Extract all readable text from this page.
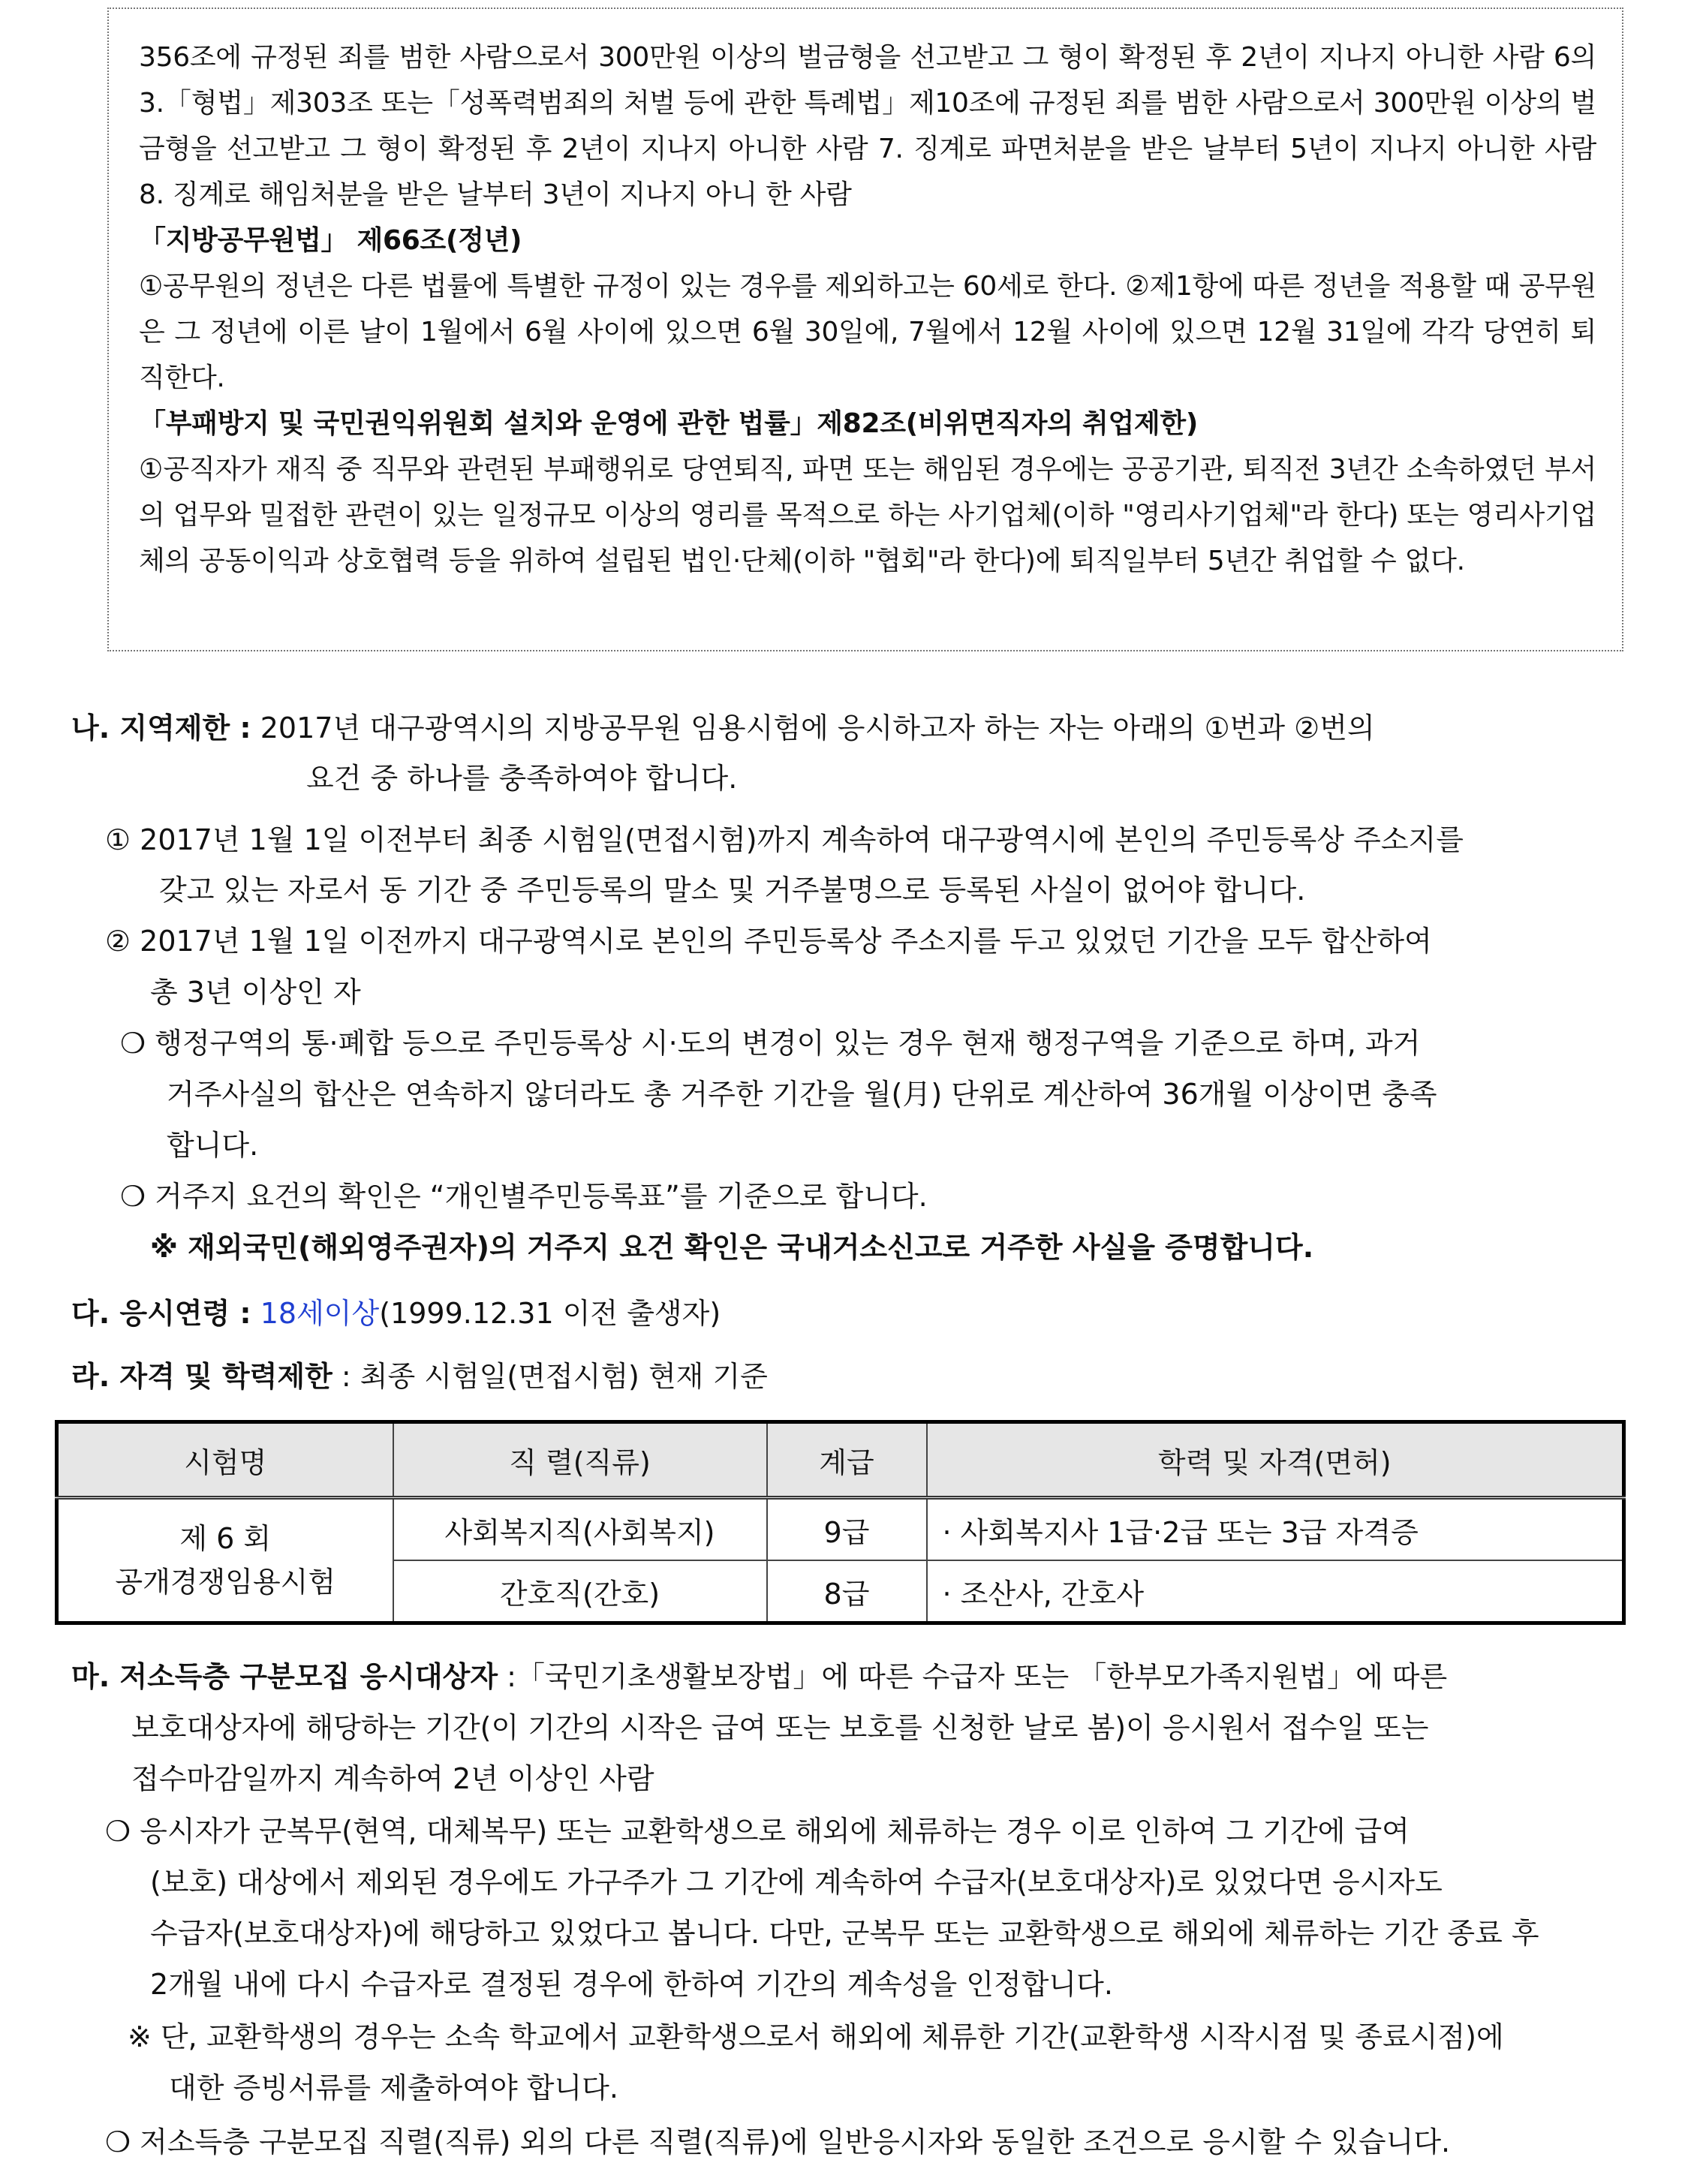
356조에 규정된 죄를 범한 사람으로서 300만원 이상의 벌금형을 선고받고 그 형이 확정된 후 2년이 지나지 아니한 사람 6의3.「형법」제303조 또는「성폭력범죄의 처벌 등에 관한 특례법」제10조에 규정된 죄를 범한 사람으로서 300만원 이상의 벌금형을 선고받고 그 형이 확정된 후 2년이 지나지 아니한 사람 7. 징계로 파면처분을 받은 날부터 5년이 지나지 아니한 사람 8. 징계로 해임처분을 받은 날부터 3년이 지나지 아니 한 사람

「지방공무원법」 제66조(정년)

①공무원의 정년은 다른 법률에 특별한 규정이 있는 경우를 제외하고는 60세로 한다. ②제1항에 따른 정년을 적용할 때 공무원은 그 정년에 이른 날이 1월에서 6월 사이에 있으면 6월 30일에, 7월에서 12월 사이에 있으면 12월 31일에 각각 당연히 퇴직한다.

「부패방지 및 국민권익위원회 설치와 운영에 관한 법률」제82조(비위면직자의 취업제한)

①공직자가 재직 중 직무와 관련된 부패행위로 당연퇴직, 파면 또는 해임된 경우에는 공공기관, 퇴직전 3년간 소속하였던 부서의 업무와 밀접한 관련이 있는 일정규모 이상의 영리를 목적으로 하는 사기업체(이하 "영리사기업체"라 한다) 또는 영리사기업체의 공동이익과 상호협력 등을 위하여 설립된 법인·단체(이하 "협회"라 한다)에 퇴직일부터 5년간 취업할 수 없다.

나. 지역제한 : 2017년 대구광역시의 지방공무원 임용시험에 응시하고자 하는 자는 아래의 ①번과 ②번의
요건 중 하나를 충족하여야 합니다.
① 2017년 1월 1일 이전부터 최종 시험일(면접시험)까지 계속하여 대구광역시에 본인의 주민등록상 주소지를
갖고 있는 자로서 동 기간 중 주민등록의 말소 및 거주불명으로 등록된 사실이 없어야 합니다.
② 2017년 1월 1일 이전까지 대구광역시로 본인의 주민등록상 주소지를 두고 있었던 기간을 모두 합산하여
총 3년 이상인 자
❍ 행정구역의 통·폐합 등으로 주민등록상 시·도의 변경이 있는 경우 현재 행정구역을 기준으로 하며, 과거
거주사실의 합산은 연속하지 않더라도 총 거주한 기간을 월(月) 단위로 계산하여 36개월 이상이면 충족
합니다.
❍ 거주지 요건의 확인은 “개인별주민등록표”를 기준으로 합니다.
※ 재외국민(해외영주권자)의 거주지 요건 확인은 국내거소신고로 거주한 사실을 증명합니다.
다. 응시연령 : 18세이상(1999.12.31 이전 출생자)
라. 자격 및 학력제한 : 최종 시험일(면접시험) 현재 기준
시험명	직 렬(직류)	계급	학력 및 자격(면허)

제 6 회
공개경쟁임용시험	사회복지직(사회복지)	9급	· 사회복지사 1급·2급 또는 3급 자격증
	간호직(간호)	8급	· 조산사, 간호사
마. 저소득층 구분모집 응시대상자 :「국민기초생활보장법」에 따른 수급자 또는 「한부모가족지원법」에 따른
보호대상자에 해당하는 기간(이 기간의 시작은 급여 또는 보호를 신청한 날로 봄)이 응시원서 접수일 또는
접수마감일까지 계속하여 2년 이상인 사람
❍ 응시자가 군복무(현역, 대체복무) 또는 교환학생으로 해외에 체류하는 경우 이로 인하여 그 기간에 급여
(보호) 대상에서 제외된 경우에도 가구주가 그 기간에 계속하여 수급자(보호대상자)로 있었다면 응시자도
수급자(보호대상자)에 해당하고 있었다고 봅니다. 다만, 군복무 또는 교환학생으로 해외에 체류하는 기간 종료 후
2개월 내에 다시 수급자로 결정된 경우에 한하여 기간의 계속성을 인정합니다.
※ 단, 교환학생의 경우는 소속 학교에서 교환학생으로서 해외에 체류한 기간(교환학생 시작시점 및 종료시점)에
대한 증빙서류를 제출하여야 합니다.
❍ 저소득층 구분모집 직렬(직류) 외의 다른 직렬(직류)에 일반응시자와 동일한 조건으로 응시할 수 있습니다.
